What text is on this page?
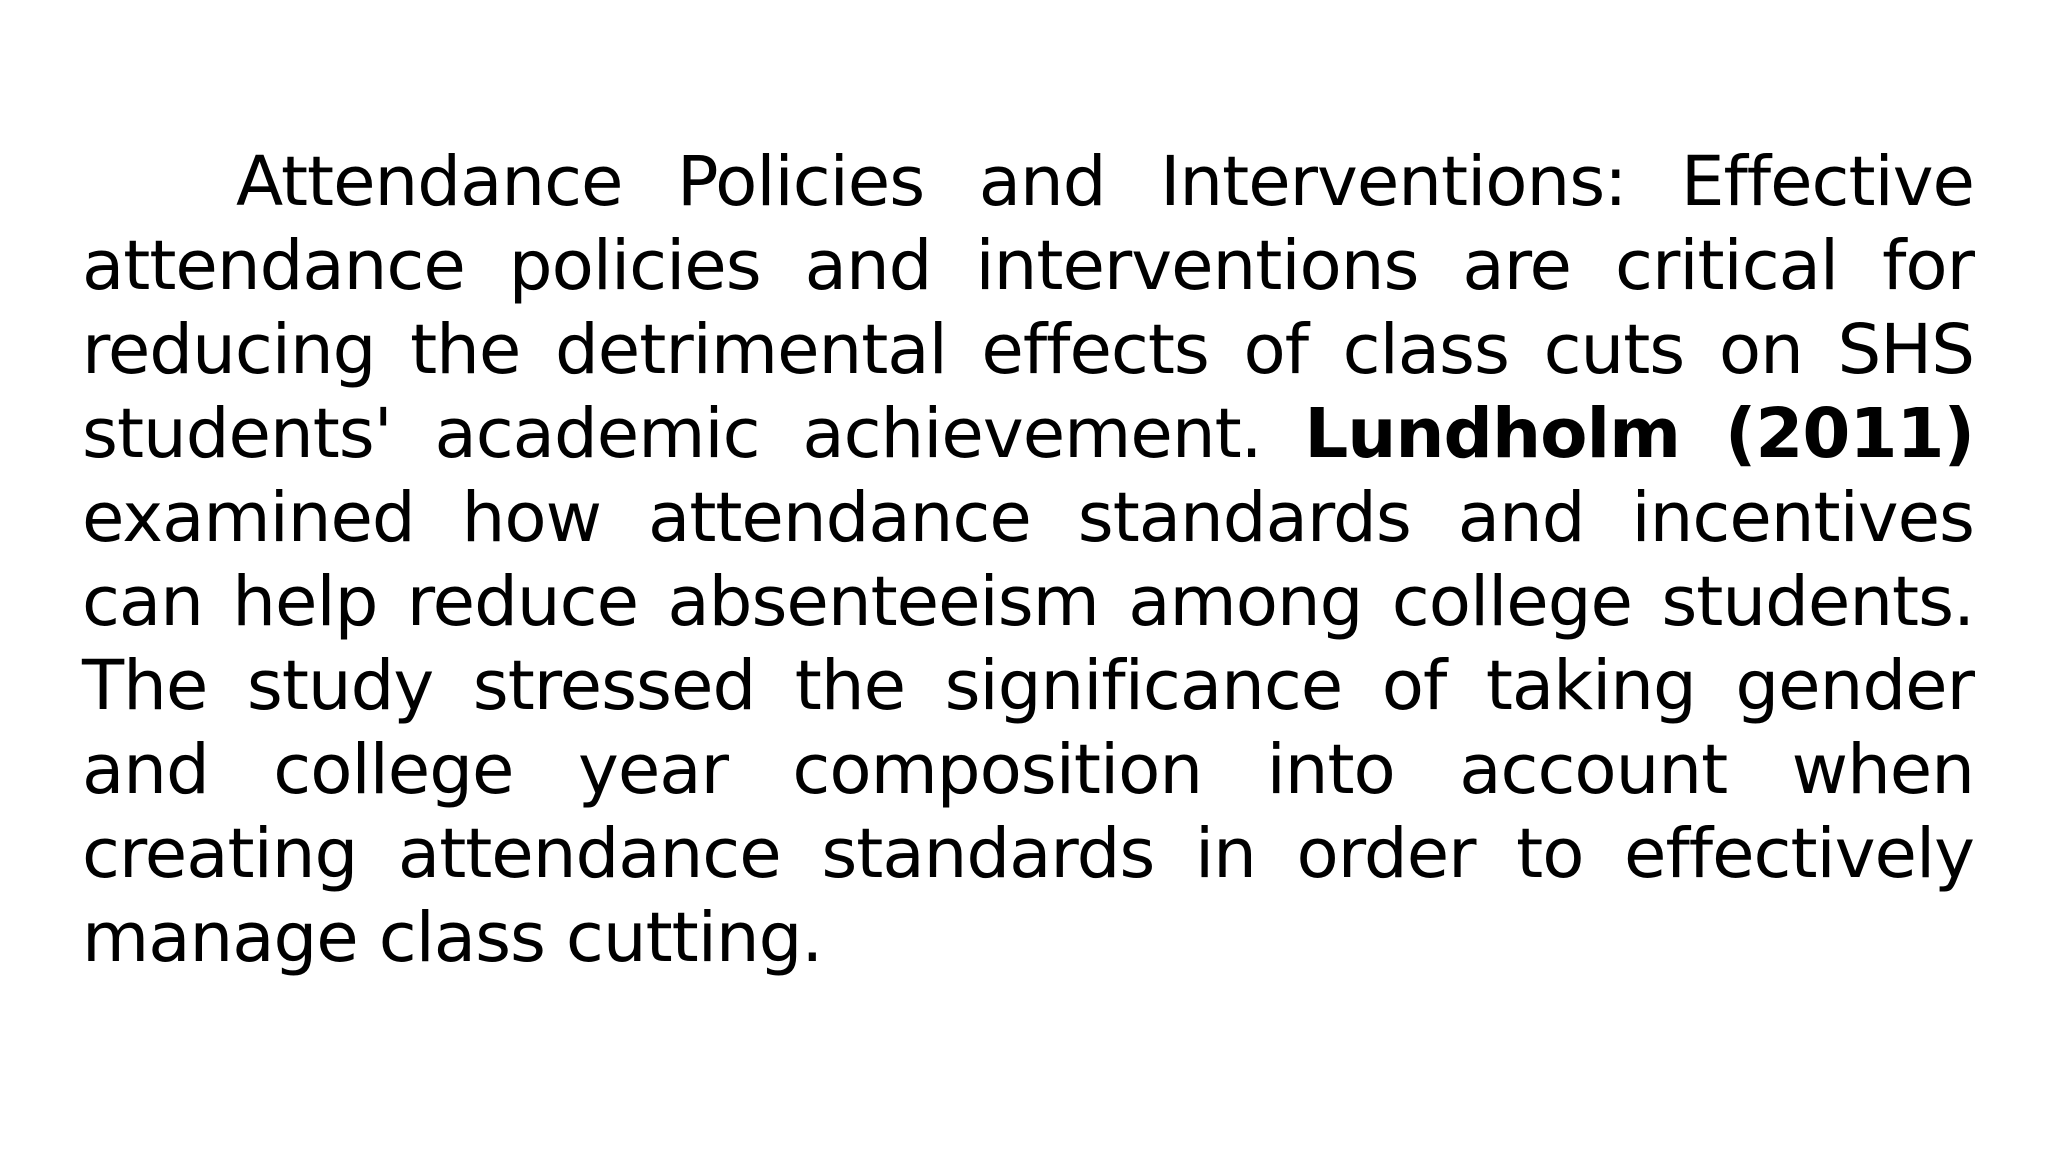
Attendance Policies and Interventions: Effective attendance policies and interventions are critical for reducing the detrimental effects of class cuts on SHS students' academic achievement. Lundholm (2011) examined how attendance standards and incentives can help reduce absenteeism among college students. The study stressed the significance of taking gender and college year composition into account when creating attendance standards in order to effectively manage class cutting.
